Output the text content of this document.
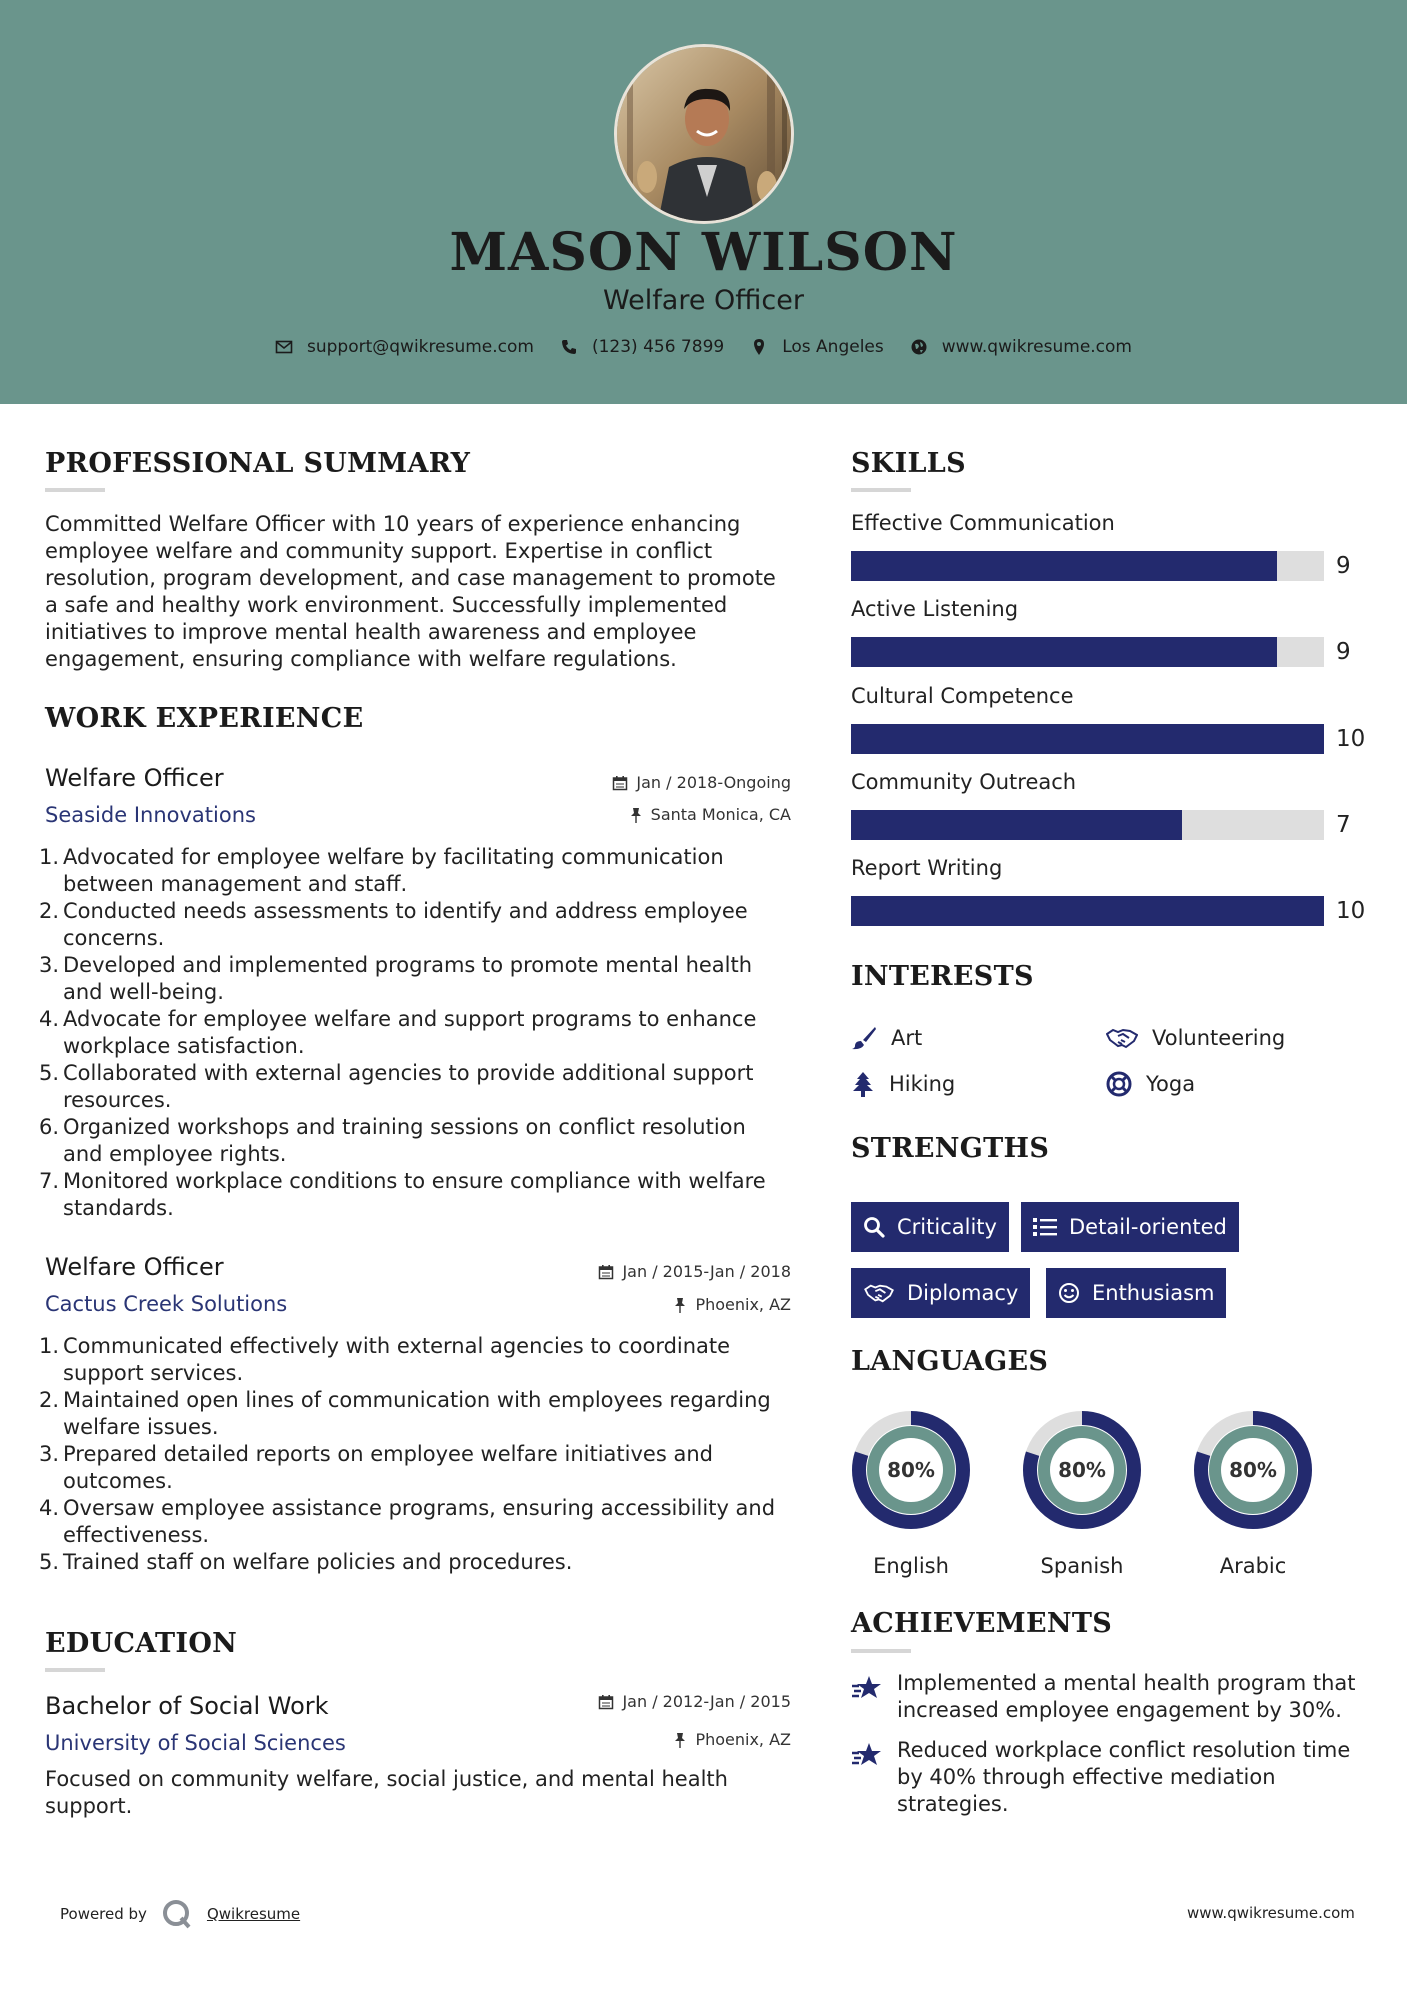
MASON WILSON
Welfare Officer
support@qwikresume.com	(123) 456 7899	Los Angeles	www.qwikresume.com
PROFESSIONAL SUMMARY
Committed Welfare Officer with 10 years of experience enhancing
employee welfare and community support. Expertise in conflict
resolution, program development, and case management to promote
a safe and healthy work environment. Successfully implemented
initiatives to improve mental health awareness and employee
engagement, ensuring compliance with welfare regulations.
WORK EXPERIENCE
Welfare Officer
Seaside Innovations
Jan / 2018-Ongoing
Santa Monica, CA
1. Advocated for employee welfare by facilitating communication
between management and staff.
2. Conducted needs assessments to identify and address employee
concerns.
3. Developed and implemented programs to promote mental health
and well-being.
4. Advocate for employee welfare and support programs to enhance
workplace satisfaction.
5. Collaborated with external agencies to provide additional support
resources.
6. Organized workshops and training sessions on conflict resolution
and employee rights.
7. Monitored workplace conditions to ensure compliance with welfare
standards.
Welfare Officer
Cactus Creek Solutions
Jan / 2015-Jan / 2018
Phoenix, AZ
1. Communicated effectively with external agencies to coordinate
support services.
2. Maintained open lines of communication with employees regarding
welfare issues.
3. Prepared detailed reports on employee welfare initiatives and
outcomes.
4. Oversaw employee assistance programs, ensuring accessibility and
effectiveness.
5. Trained staff on welfare policies and procedures.
EDUCATION
Bachelor of Social Work
University of Social Sciences
Jan / 2012-Jan / 2015
Phoenix, AZ
Focused on community welfare, social justice, and mental health
support.
SKILLS
Effective Communication
9
Active Listening
9
Cultural Competence
10
Community Outreach
7
Report Writing
10
INTERESTS
Art	Volunteering
Hiking	Yoga
STRENGTHS
Criticality	Detail-oriented
Diplomacy	Enthusiasm
LANGUAGES
80%
English
80%
Spanish
80%
Arabic
ACHIEVEMENTS
Implemented a mental health program that
increased employee engagement by 30%.
Reduced workplace conflict resolution time
by 40% through effective mediation
strategies.
Powered by	Qwikresume	www.qwikresume.com
